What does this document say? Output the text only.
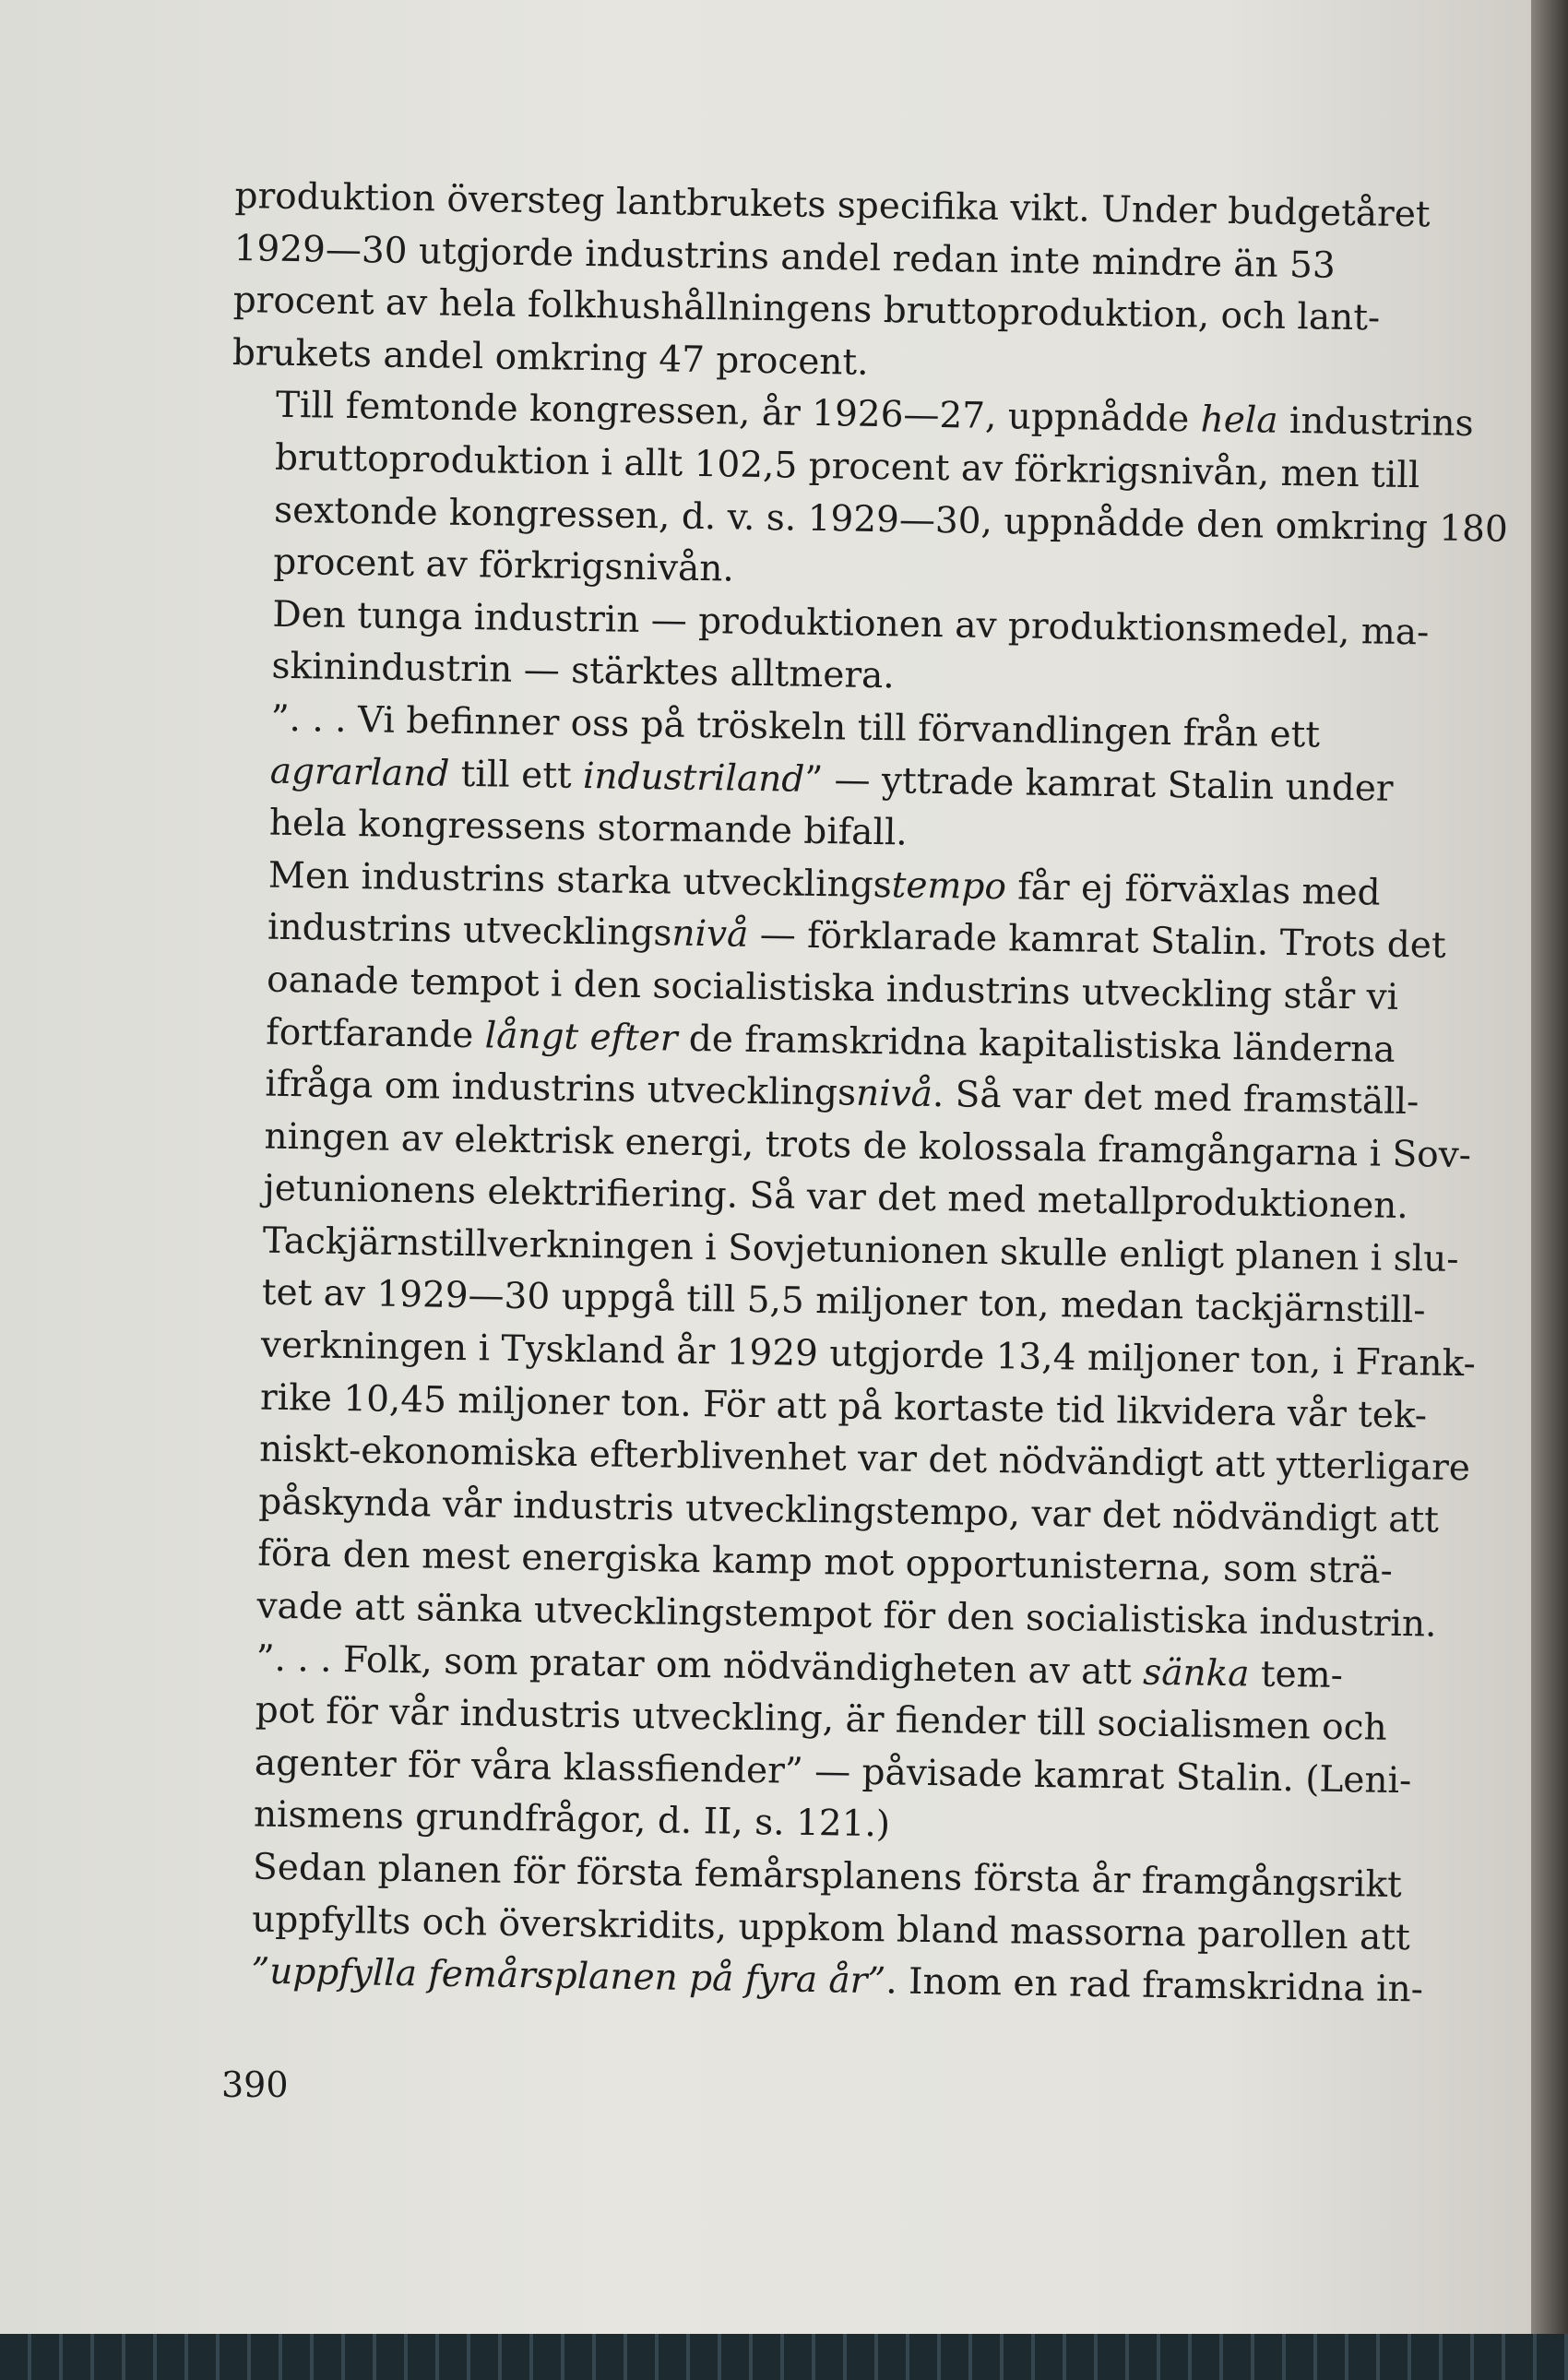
produktion översteg lantbrukets specifika vikt. Under budgetåret
1929—30 utgjorde industrins andel redan inte mindre än 53
procent av hela folkhushållningens bruttoproduktion, och lant-
brukets andel omkring 47 procent.
Till femtonde kongressen, år 1926—27, uppnådde hela industrins
bruttoproduktion i allt 102,5 procent av förkrigsnivån, men till
sextonde kongressen, d. v. s. 1929—30, uppnådde den omkring 180
procent av förkrigsnivån.
Den tunga industrin — produktionen av produktionsmedel, ma-
skinindustrin — stärktes alltmera.
”. . . Vi befinner oss på tröskeln till förvandlingen från ett
agrarland till ett industriland” — yttrade kamrat Stalin under
hela kongressens stormande bifall.
Men industrins starka utvecklingstempo får ej förväxlas med
industrins utvecklingsnivå — förklarade kamrat Stalin. Trots det
oanade tempot i den socialistiska industrins utveckling står vi
fortfarande långt efter de framskridna kapitalistiska länderna
ifråga om industrins utvecklingsnivå. Så var det med framställ-
ningen av elektrisk energi, trots de kolossala framgångarna i Sov-
jetunionens elektrifiering. Så var det med metallproduktionen.
Tackjärnstillverkningen i Sovjetunionen skulle enligt planen i slu-
tet av 1929—30 uppgå till 5,5 miljoner ton, medan tackjärnstill-
verkningen i Tyskland år 1929 utgjorde 13,4 miljoner ton, i Frank-
rike 10,45 miljoner ton. För att på kortaste tid likvidera vår tek-
niskt-ekonomiska efterblivenhet var det nödvändigt att ytterligare
påskynda vår industris utvecklingstempo, var det nödvändigt att
föra den mest energiska kamp mot opportunisterna, som strä-
vade att sänka utvecklingstempot för den socialistiska industrin.
”. . . Folk, som pratar om nödvändigheten av att sänka tem-
pot för vår industris utveckling, är fiender till socialismen och
agenter för våra klassfiender” — påvisade kamrat Stalin. (Leni-
nismens grundfrågor, d. II, s. 121.)
Sedan planen för första femårsplanens första år framgångsrikt
uppfyllts och överskridits, uppkom bland massorna parollen att
”uppfylla femårsplanen på fyra år”. Inom en rad framskridna in-
390
